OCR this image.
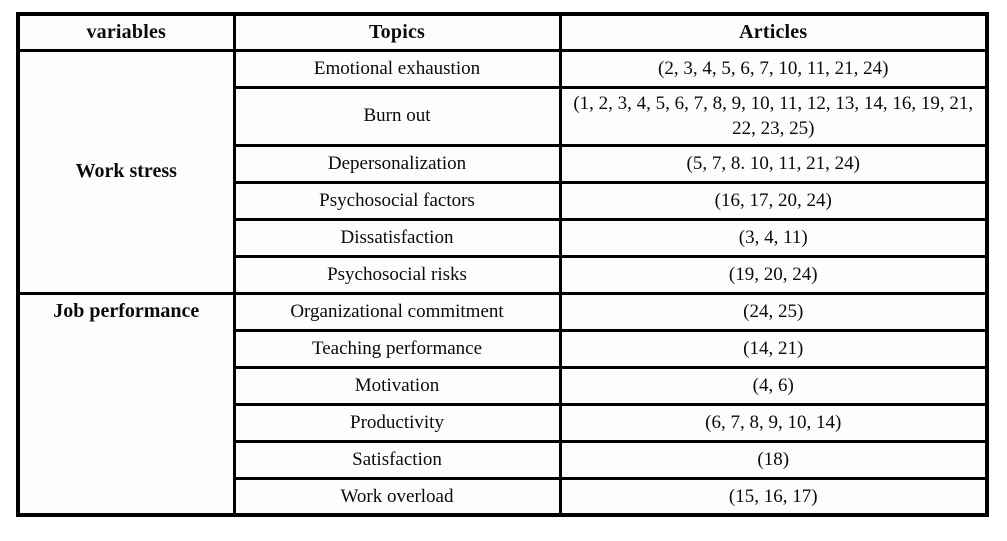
variables	Topics	Articles
Work stress	Emotional exhaustion	(2, 3, 4, 5, 6, 7, 10, 11, 21, 24)
	Burn out	(1, 2, 3, 4, 5, 6, 7, 8, 9, 10, 11, 12, 13, 14, 16, 19, 21, 22, 23, 25)
	Depersonalization	(5, 7, 8. 10, 11, 21, 24)
	Psychosocial factors	(16, 17, 20, 24)
	Dissatisfaction	(3, 4, 11)
	Psychosocial risks	(19, 20, 24)
Job performance	Organizational commitment	(24, 25)
	Teaching performance	(14, 21)
	Motivation	(4, 6)
	Productivity	(6, 7, 8, 9, 10, 14)
	Satisfaction	(18)
	Work overload	(15, 16, 17)
